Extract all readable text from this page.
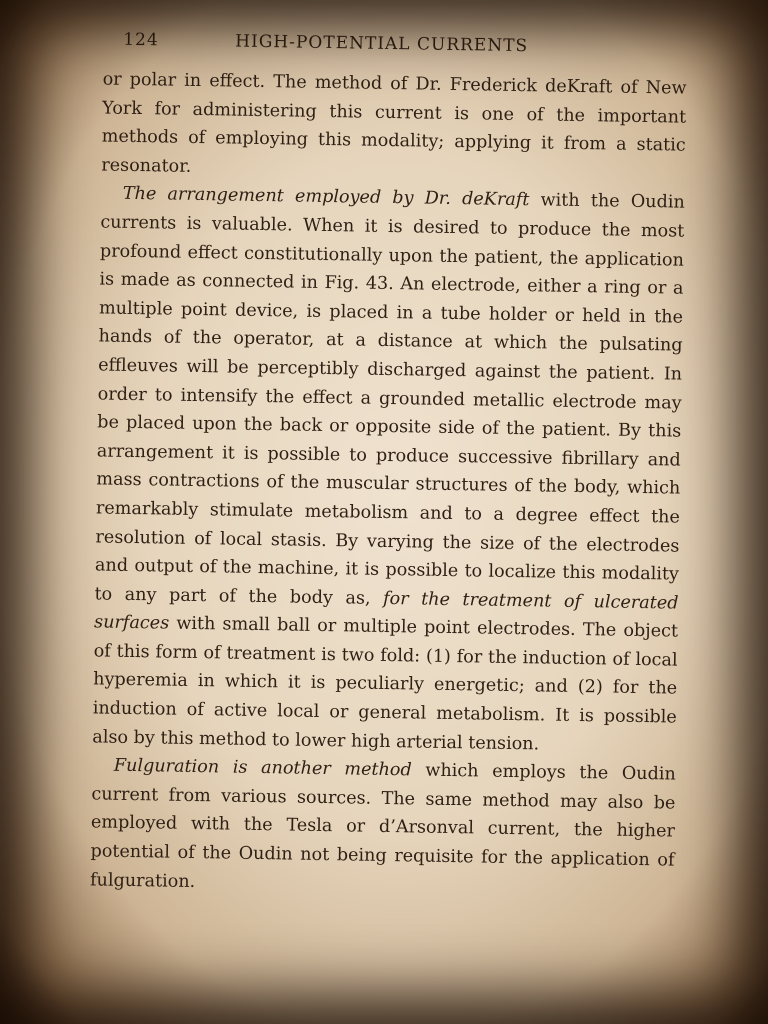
124	HIGH-POTENTIAL CURRENTS

or polar in effect. The method of Dr. Frederick deKraft of New York for administering this current is one of the important methods of employing this modality; applying it from a static resonator.

The arrangement employed by Dr. deKraft with the Oudin currents is valuable. When it is desired to produce the most profound effect constitutionally upon the patient, the application is made as connected in Fig. 43. An electrode, either a ring or a multiple point device, is placed in a tube holder or held in the hands of the operator, at a distance at which the pulsating effleuves will be perceptibly discharged against the patient. In order to intensify the effect a grounded metallic electrode may be placed upon the back or opposite side of the patient. By this arrangement it is possible to produce successive fibrillary and mass contractions of the muscular structures of the body, which remarkably stimulate metabolism and to a degree effect the resolution of local stasis. By varying the size of the electrodes and output of the machine, it is possible to localize this modality to any part of the body as, for the treatment of ulcerated surfaces with small ball or multiple point electrodes. The object of this form of treatment is two fold: (1) for the induction of local hyperemia in which it is peculiarly energetic; and (2) for the induction of active local or general metabolism. It is possible also by this method to lower high arterial tension.

Fulguration is another method which employs the Oudin current from various sources. The same method may also be employed with the Tesla or d’Arsonval current, the higher potential of the Oudin not being requisite for the application of fulguration.
